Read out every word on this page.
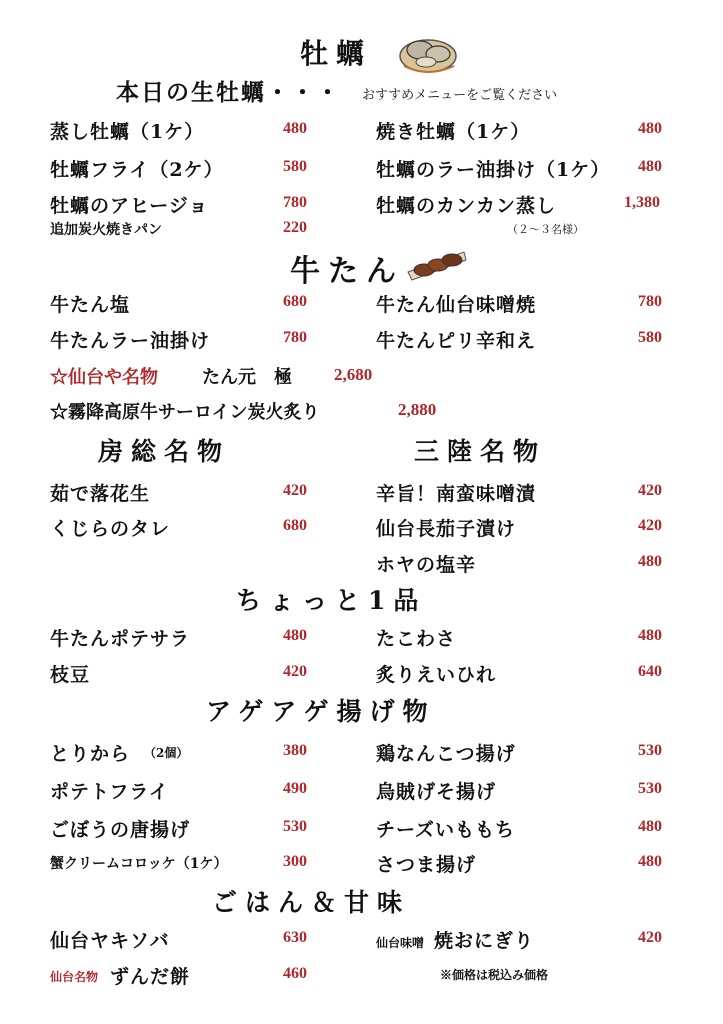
牡蠣
本日の生牡蠣・・・ おすすめメニューをご覧ください
蒸し牡蠣（1ケ）	480	焼き牡蠣（1ケ）	480
牡蠣フライ（2ケ）	580	牡蠣のラー油掛け（1ケ） 480
牡蠣のアヒージョ	780	牡蠣のカンカン蒸し	1,380
追加炭火焼きパン	220	（２～３名様）
牛たん
牛たん塩	680	牛たん仙台味噌焼	780
牛たんラー油掛け	780	牛たんピリ辛和え	580
☆仙台や名物 たん元　極 2,680
☆霧降高原牛サーロイン炭火炙り	2,880
房総名物	三陸名物
茹で落花生	420	辛旨！南蛮味噌漬	420
くじらのタレ	680	仙台長茄子漬け	420
ホヤの塩辛	480
ちょっと1品
牛たんポテサラ	480	たこわさ	480
枝豆	420	炙りえいひれ	640
アゲアゲ揚げ物
とりから （2個）	380	鶏なんこつ揚げ	530
ポテトフライ	490	烏賊げそ揚げ	530
ごぼうの唐揚げ	530	チーズいももち	480
蟹クリームコロッケ（1ケ）	300	さつま揚げ	480
ごはん＆甘味
仙台ヤキソバ	630	仙台味噌 焼おにぎり	420
仙台名物 ずんだ餅	460	※価格は税込み価格
